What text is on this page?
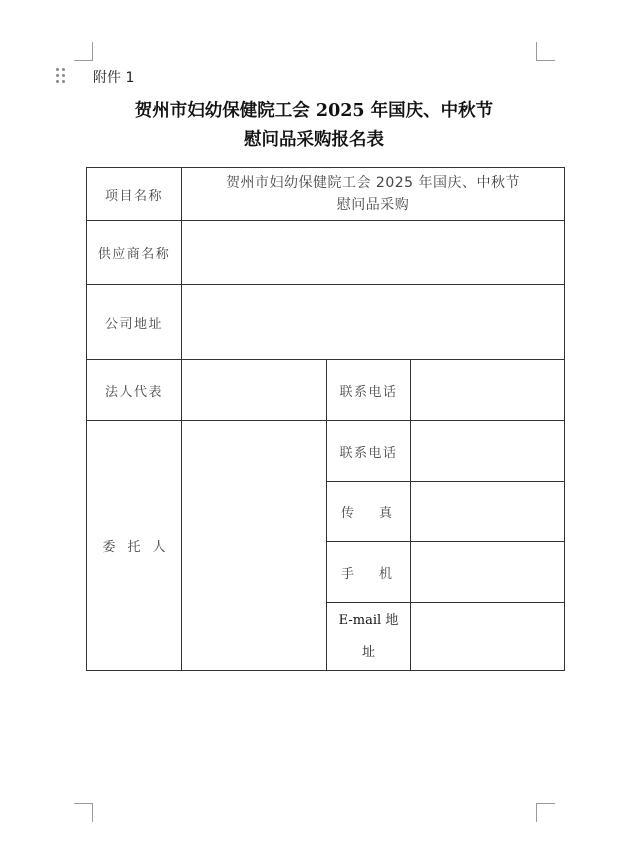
附件 1
贺州市妇幼保健院工会 2025 年国庆、中秋节
慰问品采购报名表
项目名称	贺州市妇幼保健院工会 2025 年国庆、中秋节
慰问品采购		

供应商名称			
公司地址			
法人代表		联系电话	
委托人		联系电话	

		传 真	

		手 机	

		E-mail 地
址	
